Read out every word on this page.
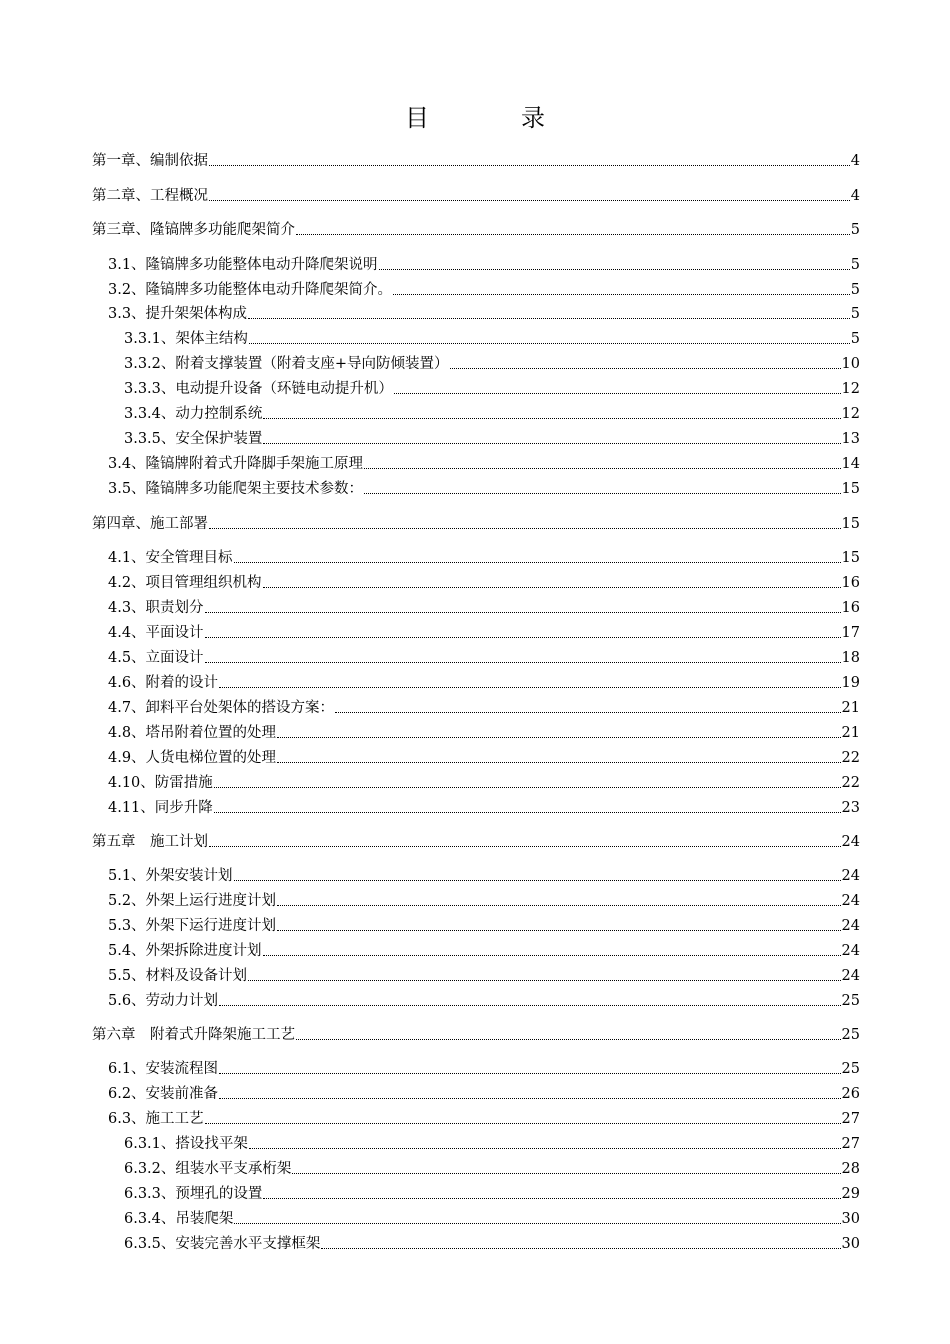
目	录
第一章、编制依据	4
第二章、工程概况	4
第三章、隆镐牌多功能爬架简介	5
3.1、隆镐牌多功能整体电动升降爬架说明	5
3.2、隆镐牌多功能整体电动升降爬架简介。	5
3.3、提升架架体构成	5
3.3.1、架体主结构	5
3.3.2、附着支撑装置（附着支座+导向防倾装置）	10
3.3.3、电动提升设备（环链电动提升机）	12
3.3.4、动力控制系统	12
3.3.5、安全保护装置	13
3.4、隆镐牌附着式升降脚手架施工原理	14
3.5、隆镐牌多功能爬架主要技术参数：	15
第四章、施工部署	15
4.1、安全管理目标	15
4.2、项目管理组织机构	16
4.3、职责划分	16
4.4、平面设计	17
4.5、立面设计	18
4.6、附着的设计	19
4.7、卸料平台处架体的搭设方案：	21
4.8、塔吊附着位置的处理	21
4.9、人货电梯位置的处理	22
4.10、防雷措施	22
4.11、同步升降	23
第五章　施工计划	24
5.1、外架安装计划	24
5.2、外架上运行进度计划	24
5.3、外架下运行进度计划	24
5.4、外架拆除进度计划	24
5.5、材料及设备计划	24
5.6、劳动力计划	25
第六章　附着式升降架施工工艺	25
6.1、安装流程图	25
6.2、安装前准备	26
6.3、施工工艺	27
6.3.1、搭设找平架	27
6.3.2、组装水平支承桁架	28
6.3.3、预埋孔的设置	29
6.3.4、吊装爬架	30
6.3.5、安装完善水平支撑框架	30
